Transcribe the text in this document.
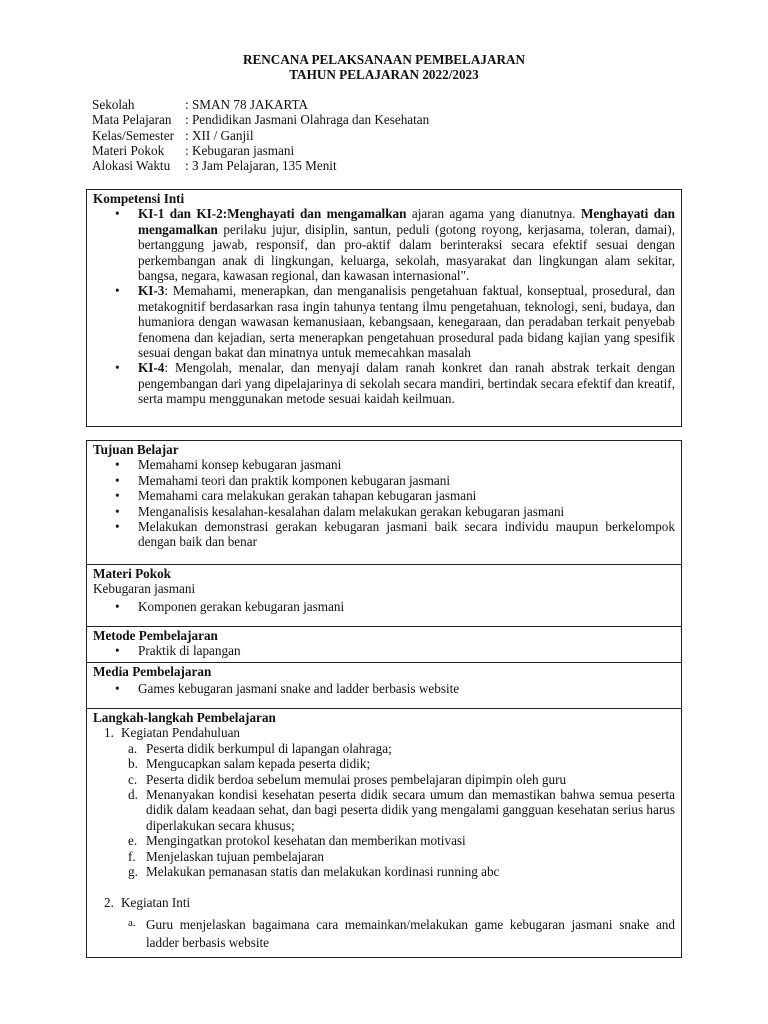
RENCANA PELAKSANAAN PEMBELAJARAN
TAHUN PELAJARAN 2022/2023
Sekolah	: SMAN 78 JAKARTA
Mata Pelajaran	: Pendidikan Jasmani Olahraga dan Kesehatan
Kelas/Semester : XII / Ganjil
Materi Pokok	: Kebugaran jasmani
Alokasi Waktu	: 3 Jam Pelajaran, 135 Menit
Kompetensi Inti

• KI-1 dan KI-2:Menghayati dan mengamalkan ajaran agama yang dianutnya. Menghayati dan mengamalkan perilaku jujur, disiplin, santun, peduli (gotong royong, kerjasama, toleran, damai), bertanggung jawab, responsif, dan pro-aktif dalam berinteraksi secara efektif sesuai dengan perkembangan anak di lingkungan, keluarga, sekolah, masyarakat dan lingkungan alam sekitar, bangsa, negara, kawasan regional, dan kawasan internasional".

• KI-3: Memahami, menerapkan, dan menganalisis pengetahuan faktual, konseptual, prosedural, dan metakognitif berdasarkan rasa ingin tahunya tentang ilmu pengetahuan, teknologi, seni, budaya, dan humaniora dengan wawasan kemanusiaan, kebangsaan, kenegaraan, dan peradaban terkait penyebab fenomena dan kejadian, serta menerapkan pengetahuan prosedural pada bidang kajian yang spesifik sesuai dengan bakat dan minatnya untuk memecahkan masalah

• KI-4: Mengolah, menalar, dan menyaji dalam ranah konkret dan ranah abstrak terkait dengan pengembangan dari yang dipelajarinya di sekolah secara mandiri, bertindak secara efektif dan kreatif, serta mampu menggunakan metode sesuai kaidah keilmuan.

Tujuan Belajar

• Memahami konsep kebugaran jasmani

• Memahami teori dan praktik komponen kebugaran jasmani

• Memahami cara melakukan gerakan tahapan kebugaran jasmani

• Menganalisis kesalahan-kesalahan dalam melakukan gerakan kebugaran jasmani

• Melakukan demonstrasi gerakan kebugaran jasmani baik secara individu maupun berkelompok dengan baik dan benar

Materi Pokok
Kebugaran jasmani

• Komponen gerakan kebugaran jasmani

Metode Pembelajaran

• Praktik di lapangan

Media Pembelajaran

• Games kebugaran jasmani snake and ladder berbasis website

Langkah-langkah Pembelajaran
1. Kegiatan Pendahuluan
a. Peserta didik berkumpul di lapangan olahraga;
b. Mengucapkan salam kepada peserta didik;
c. Peserta didik berdoa sebelum memulai proses pembelajaran dipimpin oleh guru
d. Menanyakan kondisi kesehatan peserta didik secara umum dan memastikan bahwa semua peserta didik dalam keadaan sehat, dan bagi peserta didik yang mengalami gangguan kesehatan serius harus diperlakukan secara khusus;
e. Mengingatkan protokol kesehatan dan memberikan motivasi
f. Menjelaskan tujuan pembelajaran
g. Melakukan pemanasan statis dan melakukan kordinasi running abc
2. Kegiatan Inti
a. Guru menjelaskan bagaimana cara memainkan/melakukan game kebugaran jasmani snake and ladder berbasis website
